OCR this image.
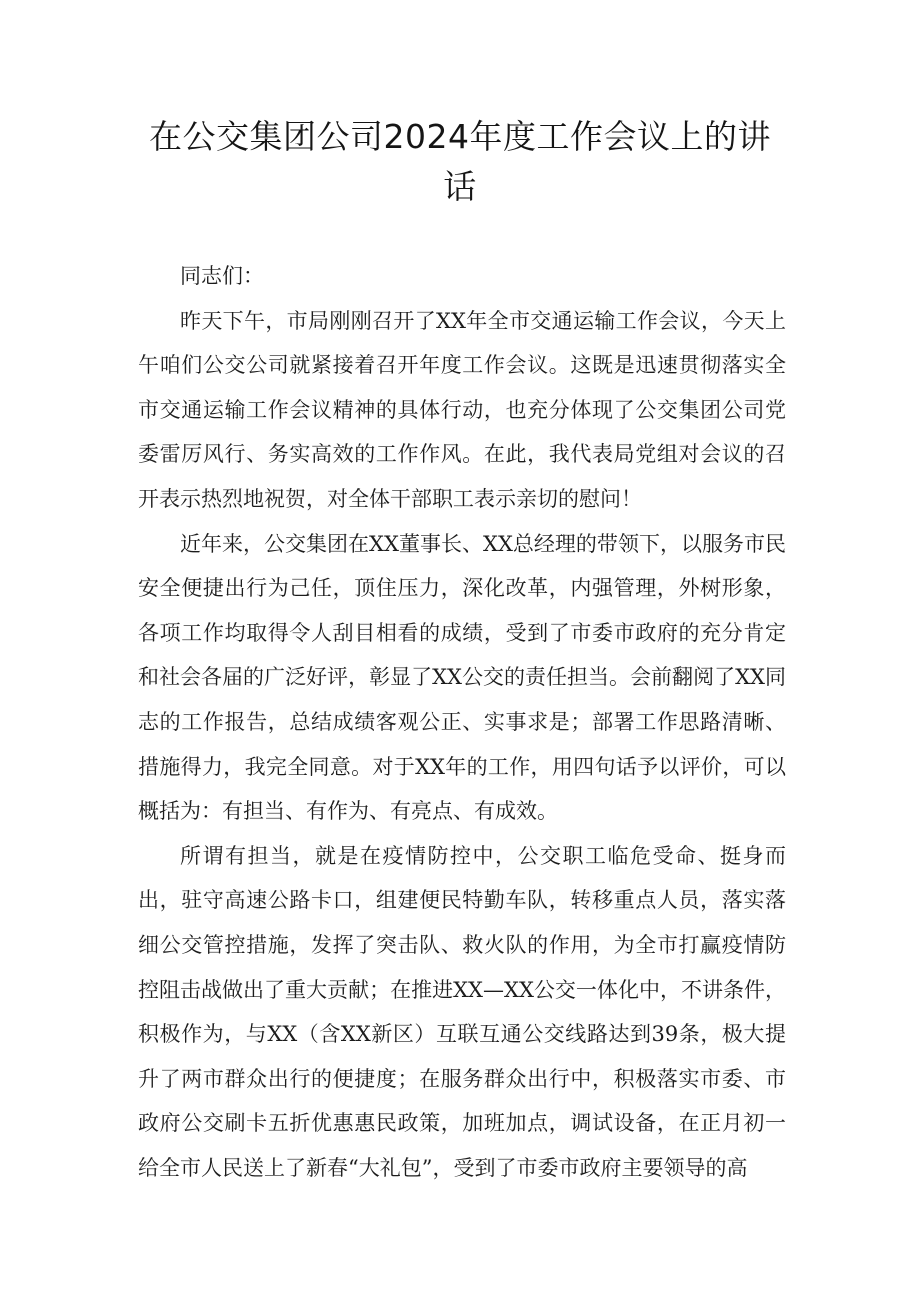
在公交集团公司2024年度工作会议上的讲话

同志们：

昨天下午，市局刚刚召开了XX年全市交通运输工作会议，今天上午咱们公交公司就紧接着召开年度工作会议。这既是迅速贯彻落实全市交通运输工作会议精神的具体行动，也充分体现了公交集团公司党委雷厉风行、务实高效的工作作风。在此，我代表局党组对会议的召开表示热烈地祝贺，对全体干部职工表示亲切的慰问！

近年来，公交集团在XX董事长、XX总经理的带领下，以服务市民安全便捷出行为己任，顶住压力，深化改革，内强管理，外树形象，各项工作均取得令人刮目相看的成绩，受到了市委市政府的充分肯定和社会各届的广泛好评，彰显了XX公交的责任担当。会前翻阅了XX同志的工作报告，总结成绩客观公正、实事求是；部署工作思路清晰、措施得力，我完全同意。对于XX年的工作，用四句话予以评价，可以概括为：有担当、有作为、有亮点、有成效。

所谓有担当，就是在疫情防控中，公交职工临危受命、挺身而出，驻守高速公路卡口，组建便民特勤车队，转移重点人员，落实落细公交管控措施，发挥了突击队、救火队的作用，为全市打赢疫情防控阻击战做出了重大贡献；在推进XX—XX公交一体化中，不讲条件，积极作为，与XX（含XX新区）互联互通公交线路达到39条，极大提升了两市群众出行的便捷度；在服务群众出行中，积极落实市委、市政府公交刷卡五折优惠惠民政策，加班加点，调试设备，在正月初一给全市人民送上了新春“大礼包”，受到了市委市政府主要领导的高
